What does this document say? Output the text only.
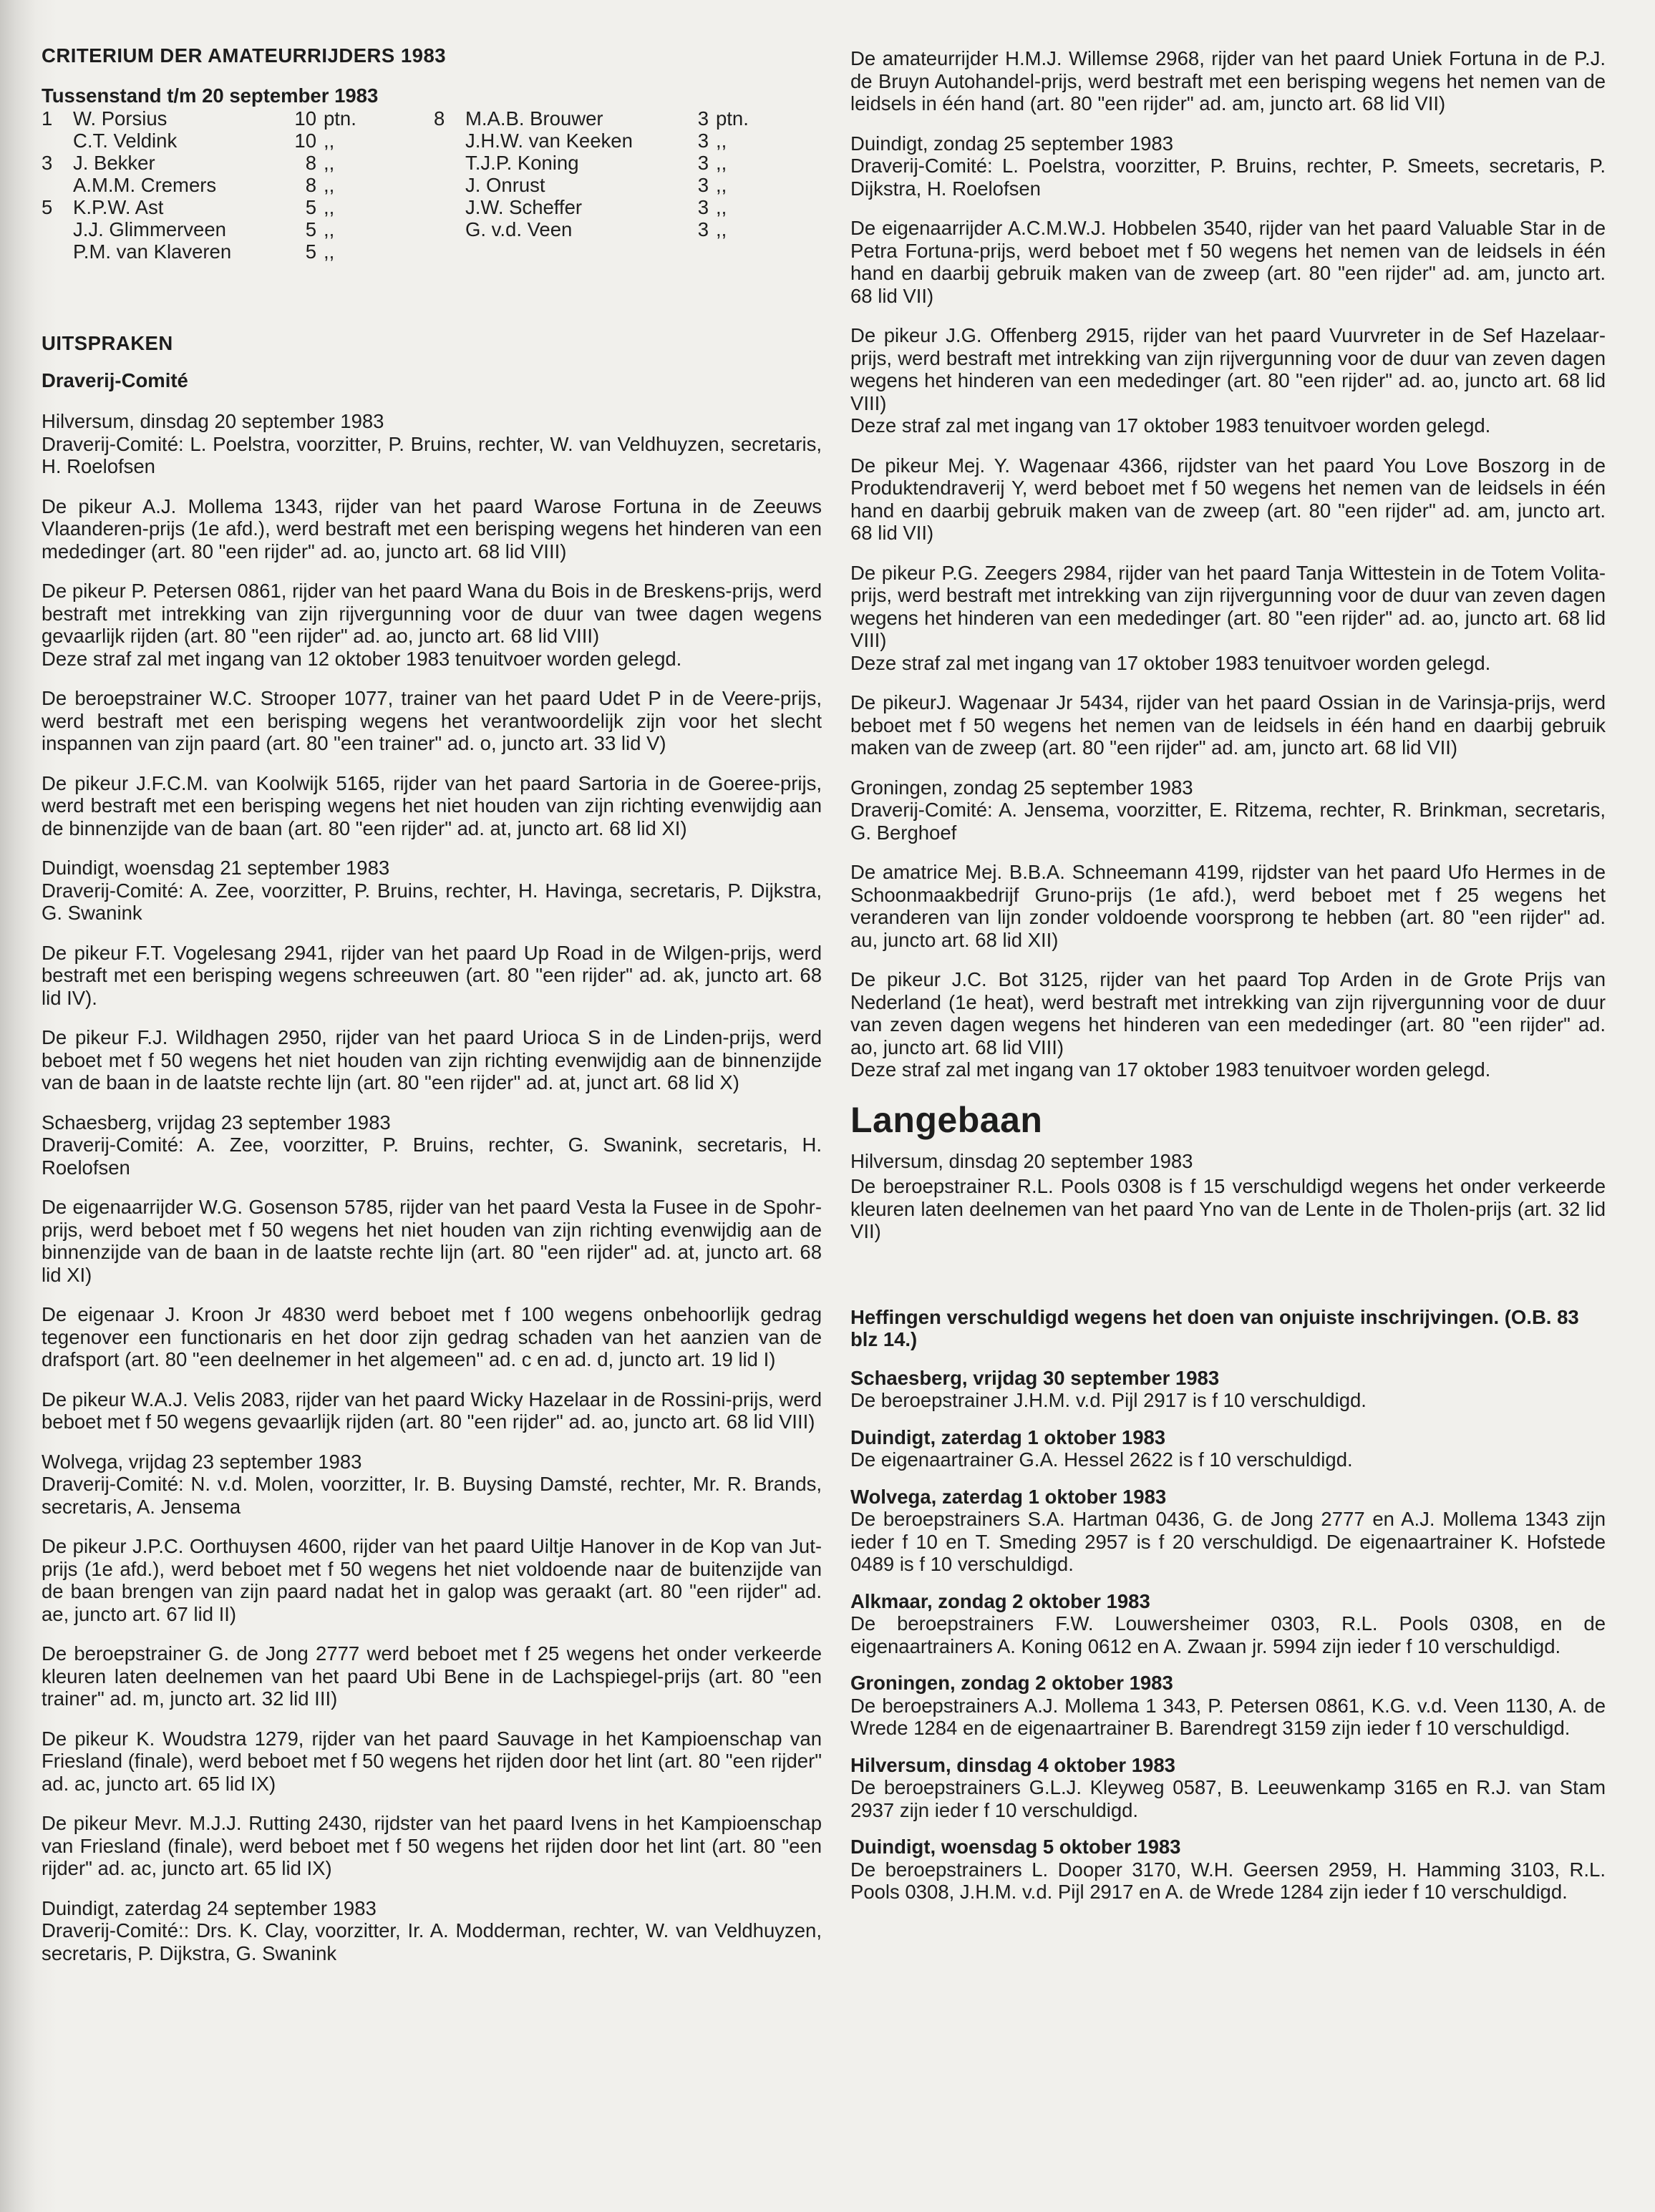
CRITERIUM DER AMATEURRIJDERS 1983
Tussenstand t/m 20 september 1983
1	W. Porsius	10	ptn.
	C.T. Veldink	10	,,
3	J. Bekker	8	,,
	A.M.M. Cremers	8	,,
5	K.P.W. Ast	5	,,
	J.J. Glimmerveen	5	,,
	P.M. van Klaveren	5	,,
8	M.A.B. Brouwer	3	ptn.
	J.H.W. van Keeken	3	,,
	T.J.P. Koning	3	,,
	J. Onrust	3	,,
	J.W. Scheffer	3	,,
	G. v.d. Veen	3	,,
UITSPRAKEN
Draverij-Comité
Hilversum, dinsdag 20 september 1983
Draverij-Comité: L. Poelstra, voorzitter, P. Bruins, rechter, W. van Veldhuyzen, secretaris, H. Roelofsen
De pikeur A.J. Mollema 1343, rijder van het paard Warose Fortuna in de Zeeuws Vlaanderen-prijs (1e afd.), werd bestraft met een berisping wegens het hinderen van een mededinger (art. 80 "een rijder" ad. ao, juncto art. 68 lid VIII)
De pikeur P. Petersen 0861, rijder van het paard Wana du Bois in de Breskens-prijs, werd bestraft met intrekking van zijn rijvergunning voor de duur van twee dagen wegens gevaarlijk rijden (art. 80 "een rijder" ad. ao, juncto art. 68 lid VIII)
Deze straf zal met ingang van 12 oktober 1983 tenuitvoer worden gelegd.
De beroepstrainer W.C. Strooper 1077, trainer van het paard Udet P in de Veere-prijs, werd bestraft met een berisping wegens het verantwoordelijk zijn voor het slecht inspannen van zijn paard (art. 80 "een trainer" ad. o, juncto art. 33 lid V)
De pikeur J.F.C.M. van Koolwijk 5165, rijder van het paard Sartoria in de Goeree-prijs, werd bestraft met een berisping wegens het niet houden van zijn richting evenwijdig aan de binnenzijde van de baan (art. 80 "een rijder" ad. at, juncto art. 68 lid XI)
Duindigt, woensdag 21 september 1983
Draverij-Comité: A. Zee, voorzitter, P. Bruins, rechter, H. Havinga, secretaris, P. Dijkstra, G. Swanink
De pikeur F.T. Vogelesang 2941, rijder van het paard Up Road in de Wilgen-prijs, werd bestraft met een berisping wegens schreeuwen (art. 80 "een rijder" ad. ak, juncto art. 68 lid IV).
De pikeur F.J. Wildhagen 2950, rijder van het paard Urioca S in de Linden-prijs, werd beboet met f 50 wegens het niet houden van zijn richting evenwijdig aan de binnenzijde van de baan in de laatste rechte lijn (art. 80 "een rijder" ad. at, junct art. 68 lid X)
Schaesberg, vrijdag 23 september 1983
Draverij-Comité: A. Zee, voorzitter, P. Bruins, rechter, G. Swanink, secretaris, H. Roelofsen
De eigenaarrijder W.G. Gosenson 5785, rijder van het paard Vesta la Fusee in de Spohr-prijs, werd beboet met f 50 wegens het niet houden van zijn richting evenwijdig aan de binnenzijde van de baan in de laatste rechte lijn (art. 80 "een rijder" ad. at, juncto art. 68 lid XI)
De eigenaar J. Kroon Jr 4830 werd beboet met f 100 wegens onbehoorlijk gedrag tegenover een functionaris en het door zijn gedrag schaden van het aanzien van de drafsport (art. 80 "een deelnemer in het algemeen" ad. c en ad. d, juncto art. 19 lid I)
De pikeur W.A.J. Velis 2083, rijder van het paard Wicky Hazelaar in de Rossini-prijs, werd beboet met f 50 wegens gevaarlijk rijden (art. 80 "een rijder" ad. ao, juncto art. 68 lid VIII)
Wolvega, vrijdag 23 september 1983
Draverij-Comité: N. v.d. Molen, voorzitter, Ir. B. Buysing Damsté, rechter, Mr. R. Brands, secretaris, A. Jensema
De pikeur J.P.C. Oorthuysen 4600, rijder van het paard Uiltje Hanover in de Kop van Jut-prijs (1e afd.), werd beboet met f 50 wegens het niet voldoende naar de buitenzijde van de baan brengen van zijn paard nadat het in galop was geraakt (art. 80 "een rijder" ad. ae, juncto art. 67 lid II)
De beroepstrainer G. de Jong 2777 werd beboet met f 25 wegens het onder verkeerde kleuren laten deelnemen van het paard Ubi Bene in de Lachspiegel-prijs (art. 80 "een trainer" ad. m, juncto art. 32 lid III)
De pikeur K. Woudstra 1279, rijder van het paard Sauvage in het Kampioenschap van Friesland (finale), werd beboet met f 50 wegens het rijden door het lint (art. 80 "een rijder" ad. ac, juncto art. 65 lid IX)
De pikeur Mevr. M.J.J. Rutting 2430, rijdster van het paard Ivens in het Kampioenschap van Friesland (finale), werd beboet met f 50 wegens het rijden door het lint (art. 80 "een rijder" ad. ac, juncto art. 65 lid IX)
Duindigt, zaterdag 24 september 1983
Draverij-Comité:: Drs. K. Clay, voorzitter, Ir. A. Modderman, rechter, W. van Veldhuyzen, secretaris, P. Dijkstra, G. Swanink
De amateurrijder H.M.J. Willemse 2968, rijder van het paard Uniek Fortuna in de P.J. de Bruyn Autohandel-prijs, werd bestraft met een berisping wegens het nemen van de leidsels in één hand (art. 80 "een rijder" ad. am, juncto art. 68 lid VII)
Duindigt, zondag 25 september 1983
Draverij-Comité: L. Poelstra, voorzitter, P. Bruins, rechter, P. Smeets, secretaris, P. Dijkstra, H. Roelofsen
De eigenaarrijder A.C.M.W.J. Hobbelen 3540, rijder van het paard Valuable Star in de Petra Fortuna-prijs, werd beboet met f 50 wegens het nemen van de leidsels in één hand en daarbij gebruik maken van de zweep (art. 80 "een rijder" ad. am, juncto art. 68 lid VII)
De pikeur J.G. Offenberg 2915, rijder van het paard Vuurvreter in de Sef Hazelaar-prijs, werd bestraft met intrekking van zijn rijvergunning voor de duur van zeven dagen wegens het hinderen van een mededinger (art. 80 "een rijder" ad. ao, juncto art. 68 lid VIII)
Deze straf zal met ingang van 17 oktober 1983 tenuitvoer worden gelegd.
De pikeur Mej. Y. Wagenaar 4366, rijdster van het paard You Love Boszorg in de Produktendraverij Y, werd beboet met f 50 wegens het nemen van de leidsels in één hand en daarbij gebruik maken van de zweep (art. 80 "een rijder" ad. am, juncto art. 68 lid VII)
De pikeur P.G. Zeegers 2984, rijder van het paard Tanja Wittestein in de Totem Volita-prijs, werd bestraft met intrekking van zijn rijvergunning voor de duur van zeven dagen wegens het hinderen van een mededinger (art. 80 "een rijder" ad. ao, juncto art. 68 lid VIII)
Deze straf zal met ingang van 17 oktober 1983 tenuitvoer worden gelegd.
De pikeurJ. Wagenaar Jr 5434, rijder van het paard Ossian in de Varinsja-prijs, werd beboet met f 50 wegens het nemen van de leidsels in één hand en daarbij gebruik maken van de zweep (art. 80 "een rijder" ad. am, juncto art. 68 lid VII)
Groningen, zondag 25 september 1983
Draverij-Comité: A. Jensema, voorzitter, E. Ritzema, rechter, R. Brinkman, secretaris, G. Berghoef
De amatrice Mej. B.B.A. Schneemann 4199, rijdster van het paard Ufo Hermes in de Schoonmaakbedrijf Gruno-prijs (1e afd.), werd beboet met f 25 wegens het veranderen van lijn zonder voldoende voorsprong te hebben (art. 80 "een rijder" ad. au, juncto art. 68 lid XII)
De pikeur J.C. Bot 3125, rijder van het paard Top Arden in de Grote Prijs van Nederland (1e heat), werd bestraft met intrekking van zijn rijvergunning voor de duur van zeven dagen wegens het hinderen van een mededinger (art. 80 "een rijder" ad. ao, juncto art. 68 lid VIII)
Deze straf zal met ingang van 17 oktober 1983 tenuitvoer worden gelegd.
Langebaan
Hilversum, dinsdag 20 september 1983
De beroepstrainer R.L. Pools 0308 is f 15 verschuldigd wegens het onder verkeerde kleuren laten deelnemen van het paard Yno van de Lente in de Tholen-prijs (art. 32 lid VII)
Heffingen verschuldigd wegens het doen van onjuiste inschrijvingen. (O.B. 83 blz 14.)
Schaesberg, vrijdag 30 september 1983
De beroepstrainer J.H.M. v.d. Pijl 2917 is f 10 verschuldigd.
Duindigt, zaterdag 1 oktober 1983
De eigenaartrainer G.A. Hessel 2622 is f 10 verschuldigd.
Wolvega, zaterdag 1 oktober 1983
De beroepstrainers S.A. Hartman 0436, G. de Jong 2777 en A.J. Mollema 1343 zijn ieder f 10 en T. Smeding 2957 is f 20 verschuldigd. De eigenaartrainer K. Hofstede 0489 is f 10 verschuldigd.
Alkmaar, zondag 2 oktober 1983
De beroepstrainers F.W. Louwersheimer 0303, R.L. Pools 0308, en de eigenaartrainers A. Koning 0612 en A. Zwaan jr. 5994 zijn ieder f 10 verschuldigd.
Groningen, zondag 2 oktober 1983
De beroepstrainers A.J. Mollema 1 343, P. Petersen 0861, K.G. v.d. Veen 1130, A. de Wrede 1284 en de eigenaartrainer B. Barendregt 3159 zijn ieder f 10 verschuldigd.
Hilversum, dinsdag 4 oktober 1983
De beroepstrainers G.L.J. Kleyweg 0587, B. Leeuwenkamp 3165 en R.J. van Stam 2937 zijn ieder f 10 verschuldigd.
Duindigt, woensdag 5 oktober 1983
De beroepstrainers L. Dooper 3170, W.H. Geersen 2959, H. Hamming 3103, R.L. Pools 0308, J.H.M. v.d. Pijl 2917 en A. de Wrede 1284 zijn ieder f 10 verschuldigd.
